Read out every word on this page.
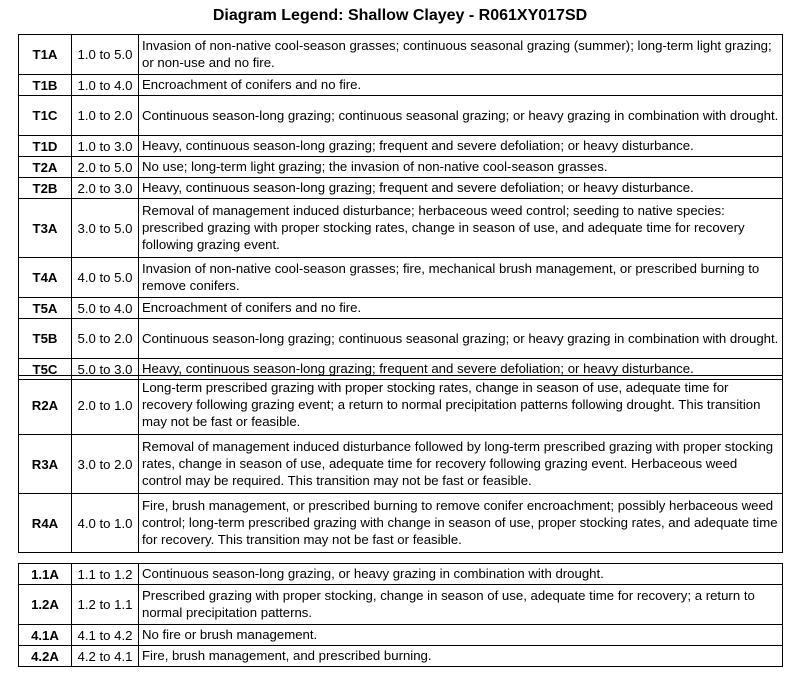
Diagram Legend: Shallow Clayey - R061XY017SD
T1A	1.0 to 5.0	Invasion of non-native cool-season grasses; continuous seasonal grazing (summer); long-term light grazing; or non-use and no fire.
T1B	1.0 to 4.0	Encroachment of conifers and no fire.
T1C	1.0 to 2.0	Continuous season-long grazing; continuous seasonal grazing; or heavy grazing in combination with drought.
T1D	1.0 to 3.0	Heavy, continuous season-long grazing; frequent and severe defoliation; or heavy disturbance.
T2A	2.0 to 5.0	No use; long-term light grazing; the invasion of non-native cool-season grasses.
T2B	2.0 to 3.0	Heavy, continuous season-long grazing; frequent and severe defoliation; or heavy disturbance.
T3A	3.0 to 5.0	Removal of management induced disturbance; herbaceous weed control; seeding to native species: prescribed grazing with proper stocking rates, change in season of use, and adequate time for recovery following grazing event.
T4A	4.0 to 5.0	Invasion of non-native cool-season grasses; fire, mechanical brush management, or prescribed burning to remove conifers.
T5A	5.0 to 4.0	Encroachment of conifers and no fire.
T5B	5.0 to 2.0	Continuous season-long grazing; continuous seasonal grazing; or heavy grazing in combination with drought.
T5C	5.0 to 3.0	Heavy, continuous season-long grazing; frequent and severe defoliation; or heavy disturbance.
R2A	2.0 to 1.0	Long-term prescribed grazing with proper stocking rates, change in season of use, adequate time for recovery following grazing event; a return to normal precipitation patterns following drought. This transition may not be fast or feasible.
R3A	3.0 to 2.0	Removal of management induced disturbance followed by long-term prescribed grazing with proper stocking rates, change in season of use, adequate time for recovery following grazing event. Herbaceous weed control may be required. This transition may not be fast or feasible.
R4A	4.0 to 1.0	Fire, brush management, or prescribed burning to remove conifer encroachment; possibly herbaceous weed control; long-term prescribed grazing with change in season of use, proper stocking rates, and adequate time for recovery. This transition may not be fast or feasible.
1.1A	1.1 to 1.2	Continuous season-long grazing, or heavy grazing in combination with drought.
1.2A	1.2 to 1.1	Prescribed grazing with proper stocking, change in season of use, adequate time for recovery; a return to normal precipitation patterns.
4.1A	4.1 to 4.2	No fire or brush management.
4.2A	4.2 to 4.1	Fire, brush management, and prescribed burning.
